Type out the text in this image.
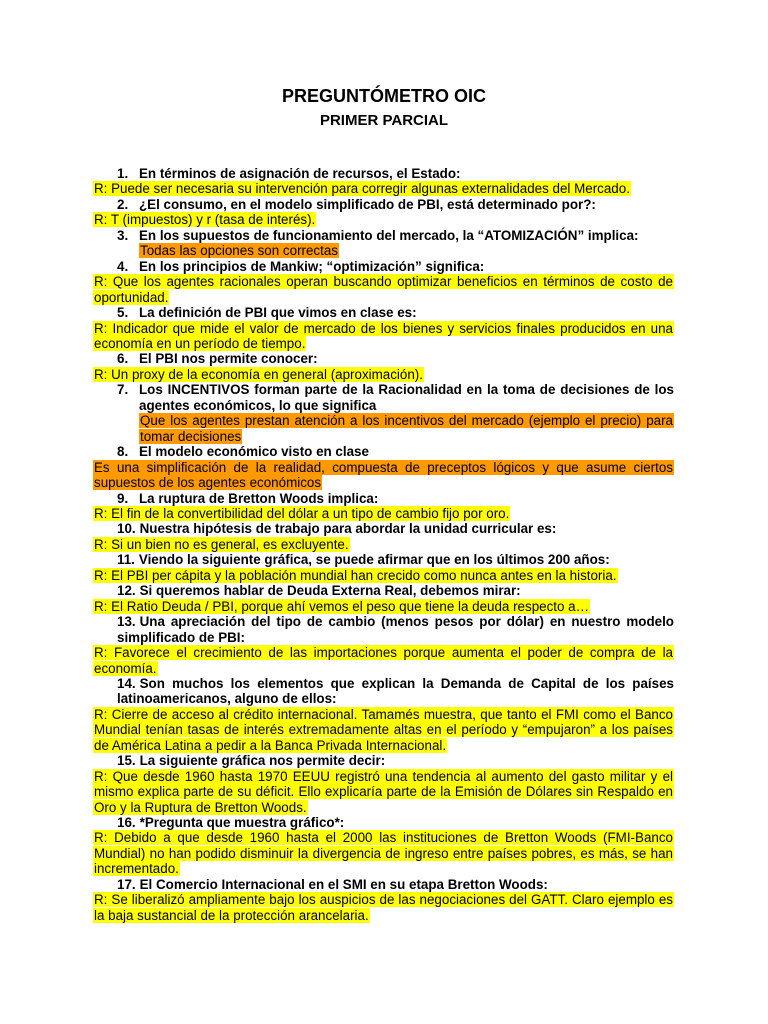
PREGUNTÓMETRO OIC
PRIMER PARCIAL
1. En términos de asignación de recursos, el Estado:
R: Puede ser necesaria su intervención para corregir algunas externalidades del Mercado.
2. ¿El consumo, en el modelo simplificado de PBI, está determinado por?:
R: T (impuestos) y r (tasa de interés).
3. En los supuestos de funcionamiento del mercado, la “ATOMIZACIÓN” implica:
Todas las opciones son correctas
4. En los principios de Mankiw; “optimización” significa:
R: Que los agentes racionales operan buscando optimizar beneficios en términos de costo de oportunidad.
5. La definición de PBI que vimos en clase es:
R: Indicador que mide el valor de mercado de los bienes y servicios finales producidos en una economía en un período de tiempo.
6. El PBI nos permite conocer:
R: Un proxy de la economía en general (aproximación).
7. Los INCENTIVOS forman parte de la Racionalidad en la toma de decisiones de los agentes económicos, lo que significa
Que los agentes prestan atención a los incentivos del mercado (ejemplo el precio) para tomar decisiones
8. El modelo económico visto en clase
Es una simplificación de la realidad, compuesta de preceptos lógicos y que asume ciertos supuestos de los agentes económicos
9. La ruptura de Bretton Woods implica:
R: El fin de la convertibilidad del dólar a un tipo de cambio fijo por oro.
10. Nuestra hipótesis de trabajo para abordar la unidad curricular es:
R: Si un bien no es general, es excluyente.
11. Viendo la siguiente gráfica, se puede afirmar que en los últimos 200 años:
R: El PBI per cápita y la población mundial han crecido como nunca antes en la historia.
12. Si queremos hablar de Deuda Externa Real, debemos mirar:
R: El Ratio Deuda / PBI, porque ahí vemos el peso que tiene la deuda respecto a…
13. Una apreciación del tipo de cambio (menos pesos por dólar) en nuestro modelo simplificado de PBI:
R: Favorece el crecimiento de las importaciones porque aumenta el poder de compra de la economía.
14. Son muchos los elementos que explican la Demanda de Capital de los países latinoamericanos, alguno de ellos:
R: Cierre de acceso al crédito internacional. Tamamés muestra, que tanto el FMI como el Banco Mundial tenían tasas de interés extremadamente altas en el período y “empujaron” a los países de América Latina a pedir a la Banca Privada Internacional.
15. La siguiente gráfica nos permite decir:
R: Que desde 1960 hasta 1970 EEUU registró una tendencia al aumento del gasto militar y el mismo explica parte de su déficit. Ello explicaría parte de la Emisión de Dólares sin Respaldo en Oro y la Ruptura de Bretton Woods.
16. *Pregunta que muestra gráfico*:
R: Debido a que desde 1960 hasta el 2000 las instituciones de Bretton Woods (FMI-Banco Mundial) no han podido disminuir la divergencia de ingreso entre países pobres, es más, se han incrementado.
17. El Comercio Internacional en el SMI en su etapa Bretton Woods:
R: Se liberalizó ampliamente bajo los auspicios de las negociaciones del GATT. Claro ejemplo es la baja sustancial de la protección arancelaria.
